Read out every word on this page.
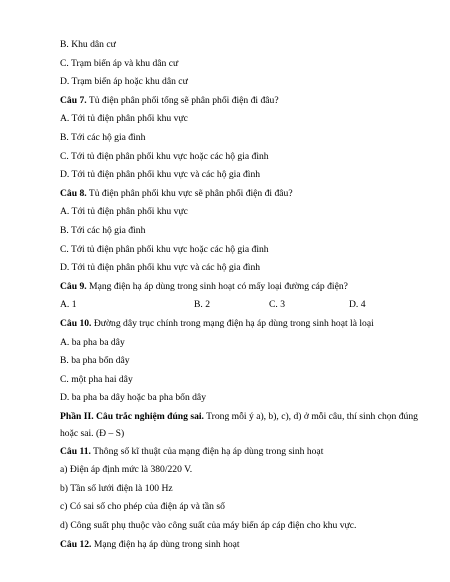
B. Khu dân cư
C. Trạm biến áp và khu dân cư
D. Trạm biến áp hoặc khu dân cư
Câu 7. Tủ điện phân phối tổng sẽ phân phối điện đi đâu?
A. Tới tủ điện phân phối khu vực
B. Tới các hộ gia đình
C. Tới tủ điện phân phối khu vực hoặc các hộ gia đình
D. Tới tủ điện phân phối khu vực và các hộ gia đình
Câu 8. Tủ điện phân phối khu vực sẽ phân phối điện đi đâu?
A. Tới tủ điện phân phối khu vực
B. Tới các hộ gia đình
C. Tới tủ điện phân phối khu vực hoặc các hộ gia đình
D. Tới tủ điện phân phối khu vực và các hộ gia đình
Câu 9. Mạng điện hạ áp dùng trong sinh hoạt có mấy loại đường cáp điện?
A. 1	B. 2	C. 3	D. 4
Câu 10. Đường dây trục chính trong mạng điện hạ áp dùng trong sinh hoạt là loại
A. ba pha ba dây
B. ba pha bốn dây
C. một pha hai dây
D. ba pha ba dây hoặc ba pha bốn dây
Phần II. Câu trắc nghiệm đúng sai. Trong mỗi ý a), b), c), d) ở mỗi câu, thí sinh chọn đúng hoặc sai. (Đ – S)
Câu 11. Thông số kĩ thuật của mạng điện hạ áp dùng trong sinh hoạt
a) Điện áp định mức là 380/220 V.
b) Tần số lưới điện là 100 Hz
c) Có sai số cho phép của điện áp và tần số
d) Công suất phụ thuộc vào công suất của máy biến áp cáp điện cho khu vực.
Câu 12. Mạng điện hạ áp dùng trong sinh hoạt
